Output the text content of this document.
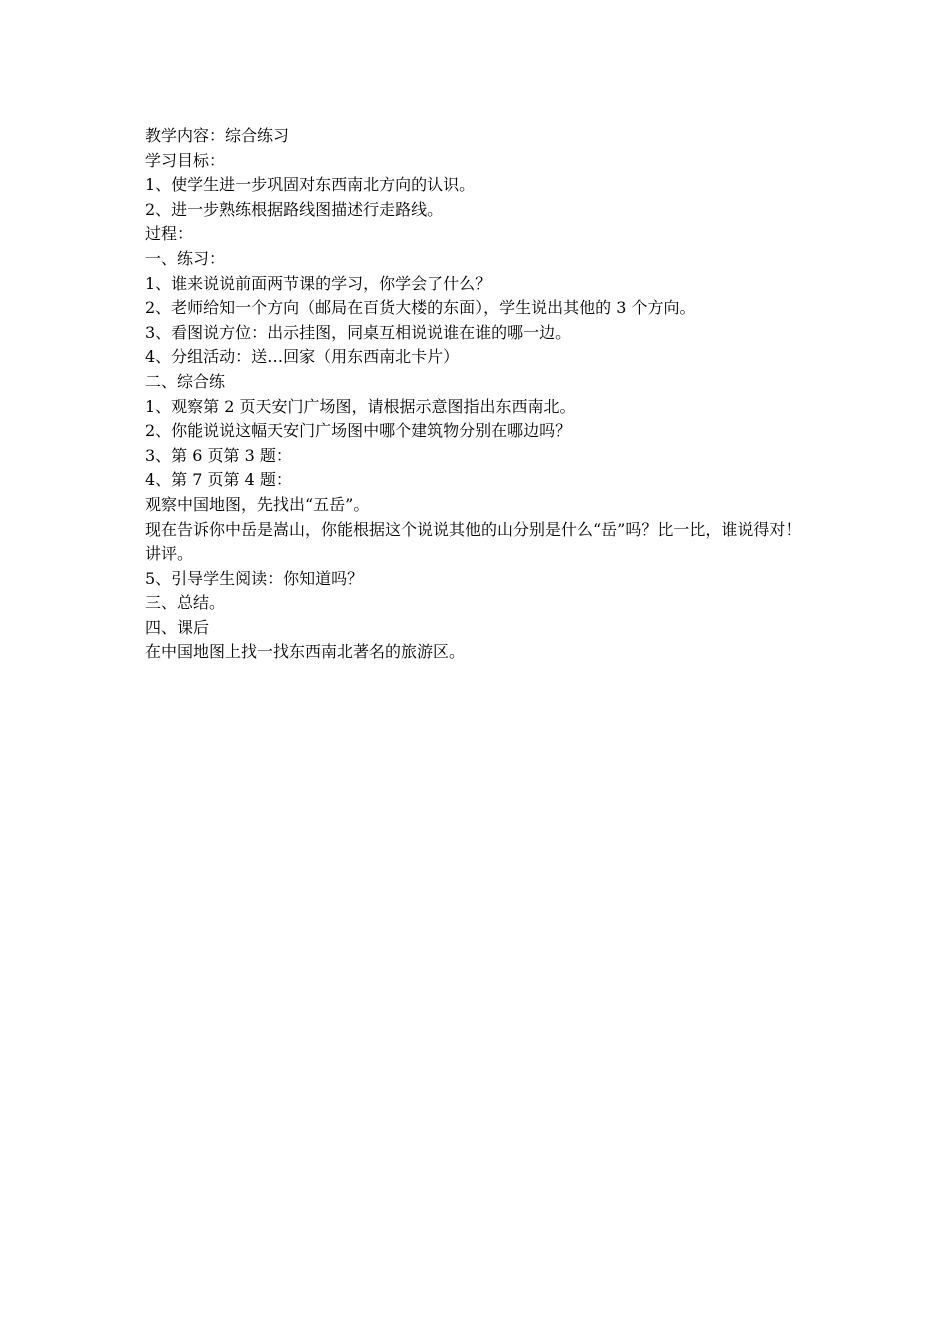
教学内容：综合练习

学习目标：

1、使学生进一步巩固对东西南北方向的认识。

2、进一步熟练根据路线图描述行走路线。

过程：

一、练习：

1、谁来说说前面两节课的学习，你学会了什么？

2、老师给知一个方向（邮局在百货大楼的东面），学生说出其他的 3 个方向。

3、看图说方位：出示挂图，同桌互相说说谁在谁的哪一边。

4、分组活动：送…回家（用东西南北卡片）

二、综合练

1、观察第 2 页天安门广场图，请根据示意图指出东西南北。

2、你能说说这幅天安门广场图中哪个建筑物分别在哪边吗？

3、第 6 页第 3 题：

4、第 7 页第 4 题：

观察中国地图，先找出“五岳”。

现在告诉你中岳是嵩山，你能根据这个说说其他的山分别是什么“岳”吗？比一比，谁说得对！

讲评。

5、引导学生阅读：你知道吗？

三、总结。

四、课后

在中国地图上找一找东西南北著名的旅游区。
